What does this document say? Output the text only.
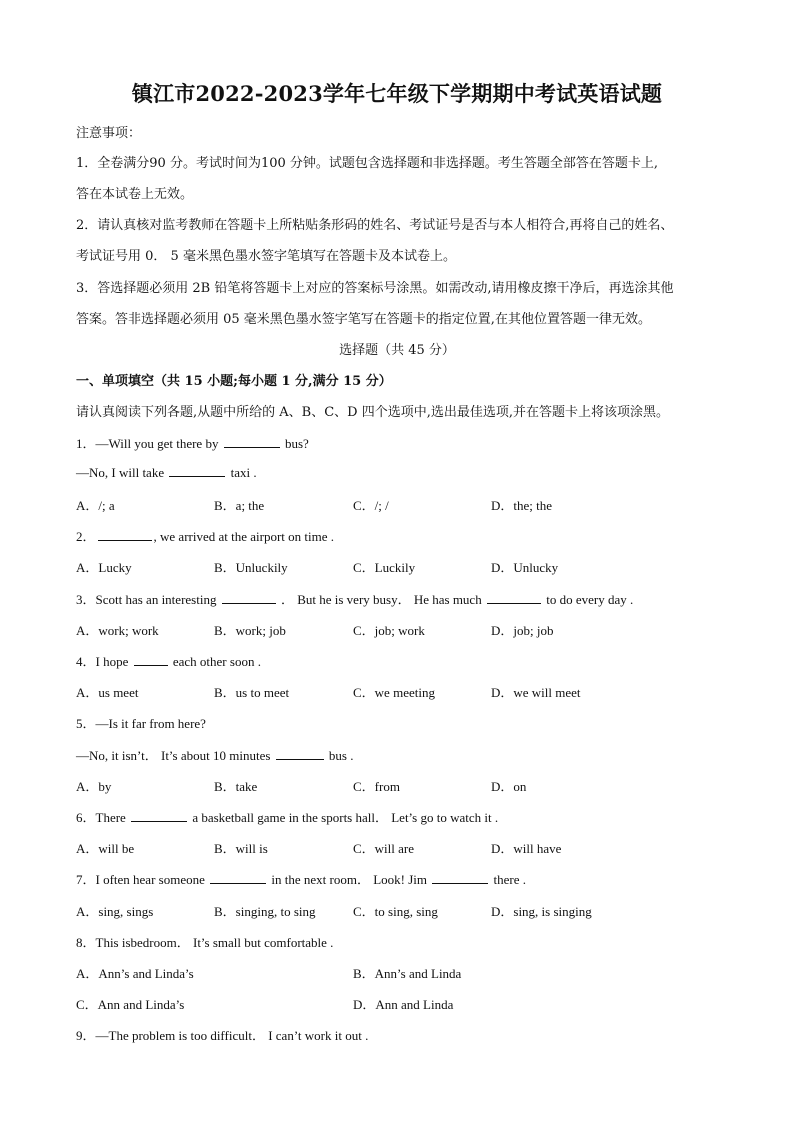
镇江市2022-2023学年七年级下学期期中考试英语试题
注意事项：
1．全卷满分90 分。考试时间为100 分钟。试题包含选择题和非选择题。考生答题全部答在答题卡上,
答在本试卷上无效。
2．请认真核对监考教师在答题卡上所粘贴条形码的姓名、考试证号是否与本人相符合,再将自己的姓名、
考试证号用 0． 5 毫米黑色墨水签字笔填写在答题卡及本试卷上。
3．答选择题必须用 2B 铅笔将答题卡上对应的答案标号涂黑。如需改动,请用橡皮擦干净后，再选涂其他
答案。答非选择题必须用 05 毫米黑色墨水签字笔写在答题卡的指定位置,在其他位置答题一律无效。
选择题（共 45 分）
一、单项填空（共 15 小题;每小题 1 分,满分 15 分）
请认真阅读下列各题,从题中所给的 A、B、C、D 四个选项中,选出最佳选项,并在答题卡上将该项涂黑。
1．—Will you get there by	bus?
—No, I will take	taxi .
A．/; a	B．a; the	C．/; /	D．the; the
2．	, we arrived at the airport on time .
A．Lucky	B．Unluckily	C．Luckily	D．Unlucky
3．Scott has an interesting	． But he is very busy． He has much	to do every day .
A．work; work	B．work; job	C．job; work	D．job; job
4．I hope	each other soon .
A．us meet	B．us to meet	C．we meeting	D．we will meet
5．—Is it far from here?
—No, it isn’t． It’s about 10 minutes	bus .
A．by	B．take	C．from	D．on
6．There	a basketball game in the sports hall． Let’s go to watch it .
A．will be	B．will is	C．will are	D．will have
7．I often hear someone	in the next room． Look! Jim	there .
A．sing, sings	B．singing, to sing	C．to sing, sing	D．sing, is singing
8．This isbedroom． It’s small but comfortable .
A．Ann’s and Linda’s	B．Ann’s and Linda
C．Ann and Linda’s	D．Ann and Linda
9．—The problem is too difficult． I can’t work it out .
